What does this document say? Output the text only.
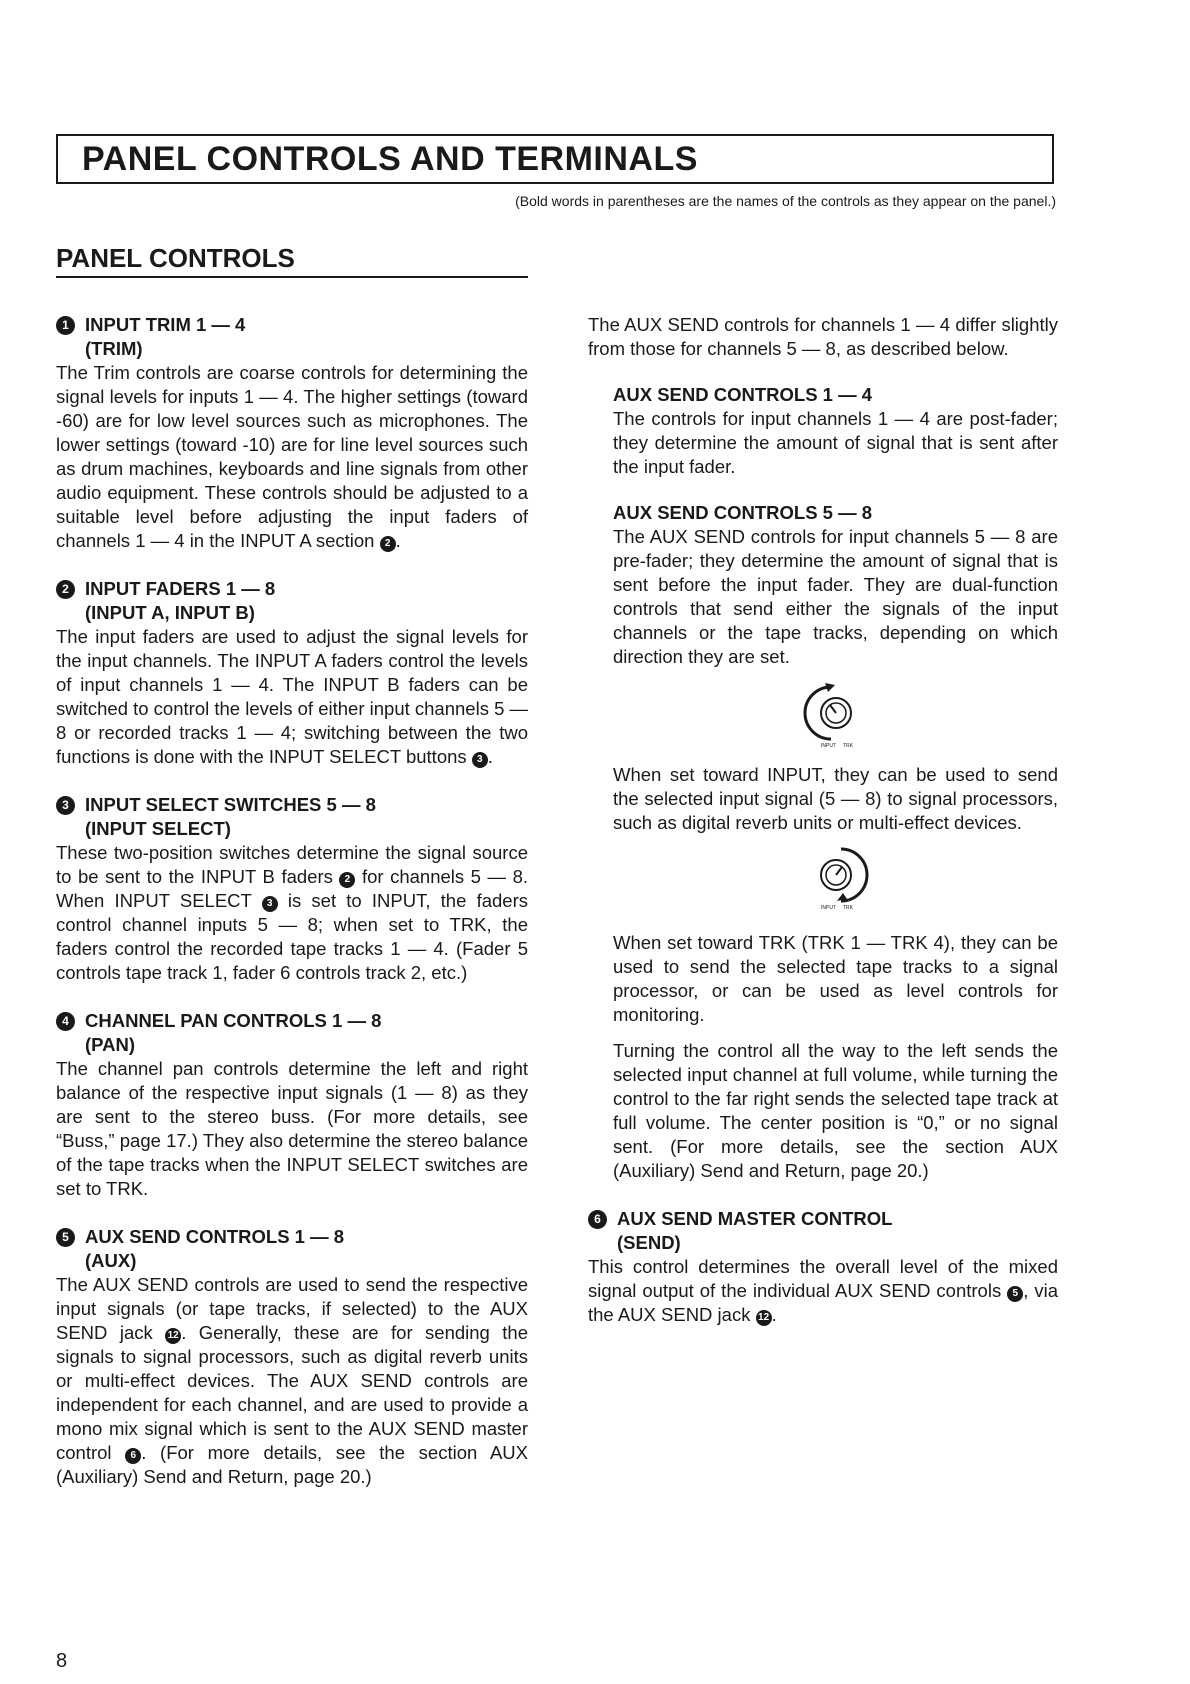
PANEL CONTROLS AND TERMINALS
(Bold words in parentheses are the names of the controls as they appear on the panel.)
PANEL CONTROLS
1 INPUT TRIM 1 — 4
(TRIM)

The Trim controls are coarse controls for determining the signal levels for inputs 1 — 4. The higher settings (toward -60) are for low level sources such as microphones. The lower settings (toward -10) are for line level sources such as drum machines, keyboards and line signals from other audio equipment. These controls should be adjusted to a suitable level before adjusting the input faders of channels 1 — 4 in the INPUT A section 2 .

2 INPUT FADERS 1 — 8
(INPUT A, INPUT B)

The input faders are used to adjust the signal levels for the input channels. The INPUT A faders control the levels of input channels 1 — 4. The INPUT B faders can be switched to control the levels of either input channels 5 — 8 or recorded tracks 1 — 4; switching between the two functions is done with the INPUT SELECT buttons 3 .

3 INPUT SELECT SWITCHES 5 — 8
(INPUT SELECT)

These two-position switches determine the signal source to be sent to the INPUT B faders 2 for channels 5 — 8. When INPUT SELECT 3 is set to INPUT, the faders control channel inputs 5 — 8; when set to TRK, the faders control the recorded tape tracks 1 — 4. (Fader 5 controls tape track 1, fader 6 controls track 2, etc.)

4 CHANNEL PAN CONTROLS 1 — 8
(PAN)

The channel pan controls determine the left and right balance of the respective input signals (1 — 8) as they are sent to the stereo buss. (For more details, see “Buss,” page 17.) They also determine the stereo balance of the tape tracks when the INPUT SELECT switches are set to TRK.

5 AUX SEND CONTROLS 1 — 8
(AUX)

The AUX SEND controls are used to send the respective input signals (or tape tracks, if selected) to the AUX SEND jack 12 . Generally, these are for sending the signals to signal processors, such as digital reverb units or multi-effect devices. The AUX SEND controls are independent for each channel, and are used to provide a mono mix signal which is sent to the AUX SEND master control 6 . (For more details, see the section AUX (Auxiliary) Send and Return, page 20.)

The AUX SEND controls for channels 1 — 4 differ slightly from those for channels 5 — 8, as described below.

AUX SEND CONTROLS 1 — 4

The controls for input channels 1 — 4 are post-fader; they determine the amount of signal that is sent after the input fader.

AUX SEND CONTROLS 5 — 8

The AUX SEND controls for input channels 5 — 8 are pre-fader; they determine the amount of signal that is sent before the input fader. They are dual-function controls that send either the signals of the input channels or the tape tracks, depending on which direction they are set.

INPUT TRK

When set toward INPUT, they can be used to send the selected input signal (5 — 8) to signal processors, such as digital reverb units or multi-effect devices.

INPUT TRK

When set toward TRK (TRK 1 — TRK 4), they can be used to send the selected tape tracks to a signal processor, or can be used as level controls for monitoring.

Turning the control all the way to the left sends the selected input channel at full volume, while turning the control to the far right sends the selected tape track at full volume. The center position is “0,” or no signal sent. (For more details, see the section AUX (Auxiliary) Send and Return, page 20.)

6 AUX SEND MASTER CONTROL
(SEND)

This control determines the overall level of the mixed signal output of the individual AUX SEND controls 5 , via the AUX SEND jack 12 .

8
